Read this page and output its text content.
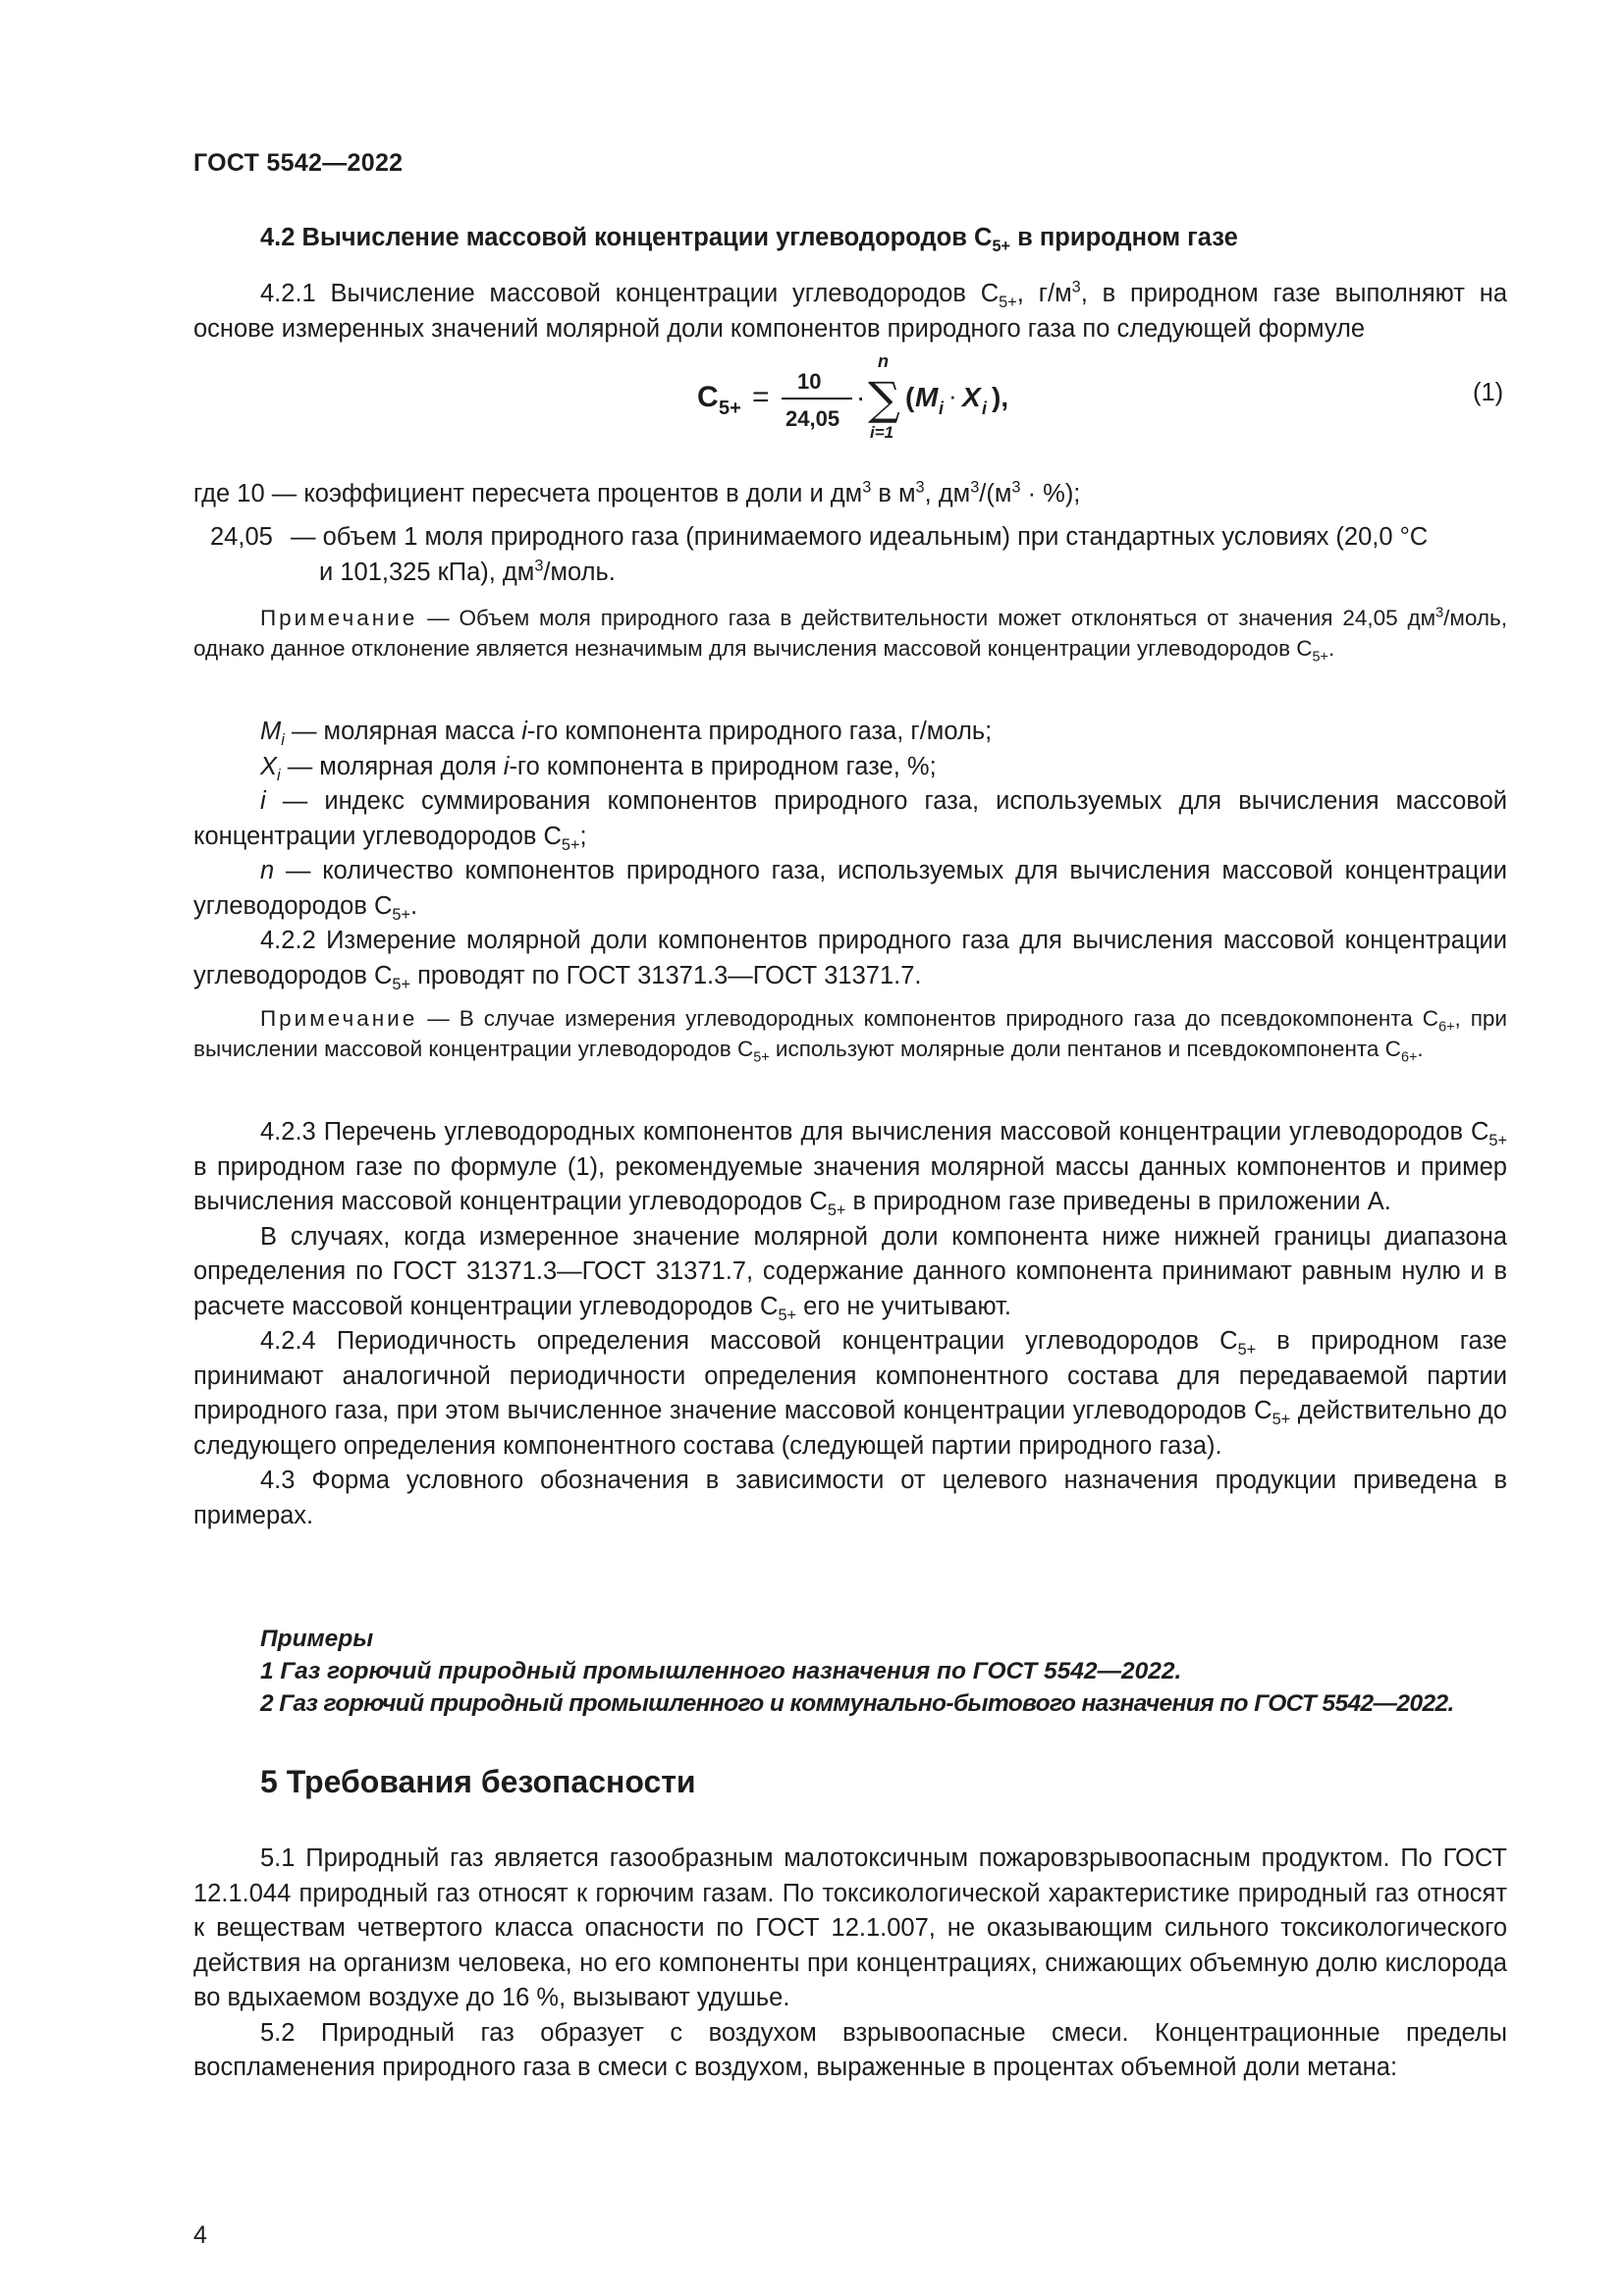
ГОСТ 5542—2022
4.2 Вычисление массовой концентрации углеводородов $С_{5+}$ в природном газе
4.2.1 Вычисление массовой концентрации углеводородов $С_{5+}$, $г/м^3$, в природном газе выполняют на основе измеренных значений молярной доли компонентов природного газа по следующей формуле
C 5+ = 10
24,05
·
n
∑
i=1
( M i · X i ),	(1)
где 10 — коэффициент пересчета процентов в доли и $дм^3$ в $м^3$, $дм^3/(м^3$ · %);
24,05 — объем 1 моля природного газа (принимаемого идеальным) при стандартных условиях (20,0 °С
и 101,325 кПа), $дм^3$/моль.
Примечание — Объем моля природного газа в действительности может отклоняться от значения 24,05 $дм^3$/моль, однако данное отклонение является незначимым для вычисления массовой концентрации углеводородов $С_{5+}$.
$M_i$ — молярная масса i-го компонента природного газа, г/моль;
$X_i$ — молярная доля i-го компонента в природном газе, %;
i — индекс суммирования компонентов природного газа, используемых для вычисления массовой концентрации углеводородов $С_{5+}$;
n — количество компонентов природного газа, используемых для вычисления массовой концентрации углеводородов $С_{5+}$.
4.2.2 Измерение молярной доли компонентов природного газа для вычисления массовой концентрации углеводородов $С_{5+}$ проводят по ГОСТ 31371.3—ГОСТ 31371.7.
Примечание — В случае измерения углеводородных компонентов природного газа до псевдокомпонента $С_{6+}$, при вычислении массовой концентрации углеводородов $С_{5+}$ используют молярные доли пентанов и псевдокомпонента $С_{6+}$.
4.2.3 Перечень углеводородных компонентов для вычисления массовой концентрации углеводородов $С_{5+}$ в природном газе по формуле (1), рекомендуемые значения молярной массы данных компонентов и пример вычисления массовой концентрации углеводородов $С_{5+}$ в природном газе приведены в приложении А.
В случаях, когда измеренное значение молярной доли компонента ниже нижней границы диапазона определения по ГОСТ 31371.3—ГОСТ 31371.7, содержание данного компонента принимают равным нулю и в расчете массовой концентрации углеводородов $С_{5+}$ его не учитывают.
4.2.4 Периодичность определения массовой концентрации углеводородов $С_{5+}$ в природном газе принимают аналогичной периодичности определения компонентного состава для передаваемой партии природного газа, при этом вычисленное значение массовой концентрации углеводородов $С_{5+}$ действительно до следующего определения компонентного состава (следующей партии природного газа).
4.3 Форма условного обозначения в зависимости от целевого назначения продукции приведена в примерах.
Примеры
1 Газ горючий природный промышленного назначения по ГОСТ 5542—2022.
2 Газ горючий природный промышленного и коммунально-бытового назначения по ГОСТ 5542—2022.
5 Требования безопасности
5.1 Природный газ является газообразным малотоксичным пожаровзрывоопасным продуктом. По ГОСТ 12.1.044 природный газ относят к горючим газам. По токсикологической характеристике природный газ относят к веществам четвертого класса опасности по ГОСТ 12.1.007, не оказывающим сильного токсикологического действия на организм человека, но его компоненты при концентрациях, снижающих объемную долю кислорода во вдыхаемом воздухе до 16 %, вызывают удушье.
5.2 Природный газ образует с воздухом взрывоопасные смеси. Концентрационные пределы воспламенения природного газа в смеси с воздухом, выраженные в процентах объемной доли метана:
4
